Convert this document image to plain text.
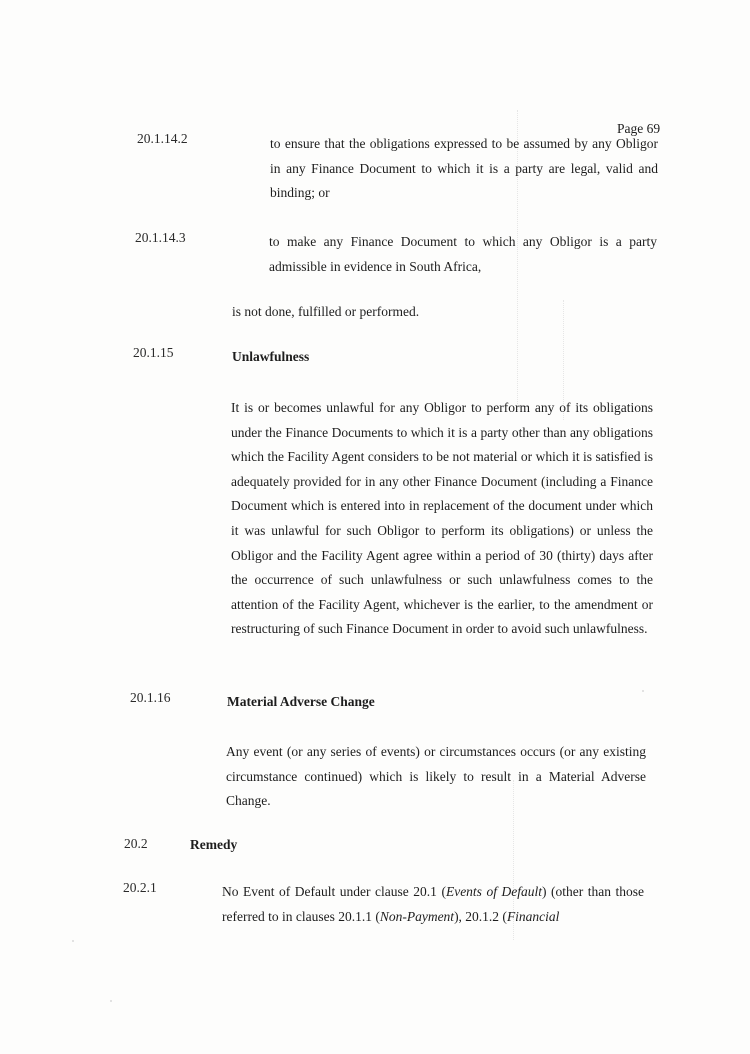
Page 69
20.1.14.2	to ensure that the obligations expressed to be assumed by any Obligor in any Finance Document to which it is a party are legal, valid and binding; or

20.1.14.3	to make any Finance Document to which any Obligor is a party admissible in evidence in South Africa,

is not done, fulfilled or performed.

20.1.15	Unlawfulness

It is or becomes unlawful for any Obligor to perform any of its obligations under the Finance Documents to which it is a party other than any obligations which the Facility Agent considers to be not material or which it is satisfied is adequately provided for in any other Finance Document (including a Finance Document which is entered into in replacement of the document under which it was unlawful for such Obligor to perform its obligations) or unless the Obligor and the Facility Agent agree within a period of 30 (thirty) days after the occurrence of such unlawfulness or such unlawfulness comes to the attention of the Facility Agent, whichever is the earlier, to the amendment or restructuring of such Finance Document in order to avoid such unlawfulness.

20.1.16	Material Adverse Change

Any event (or any series of events) or circumstances occurs (or any existing circumstance continued) which is likely to result in a Material Adverse Change.

20.2	Remedy
20.2.1	No Event of Default under clause 20.1 (Events of Default) (other than those referred to in clauses 20.1.1 (Non-Payment), 20.1.2 (Financial
